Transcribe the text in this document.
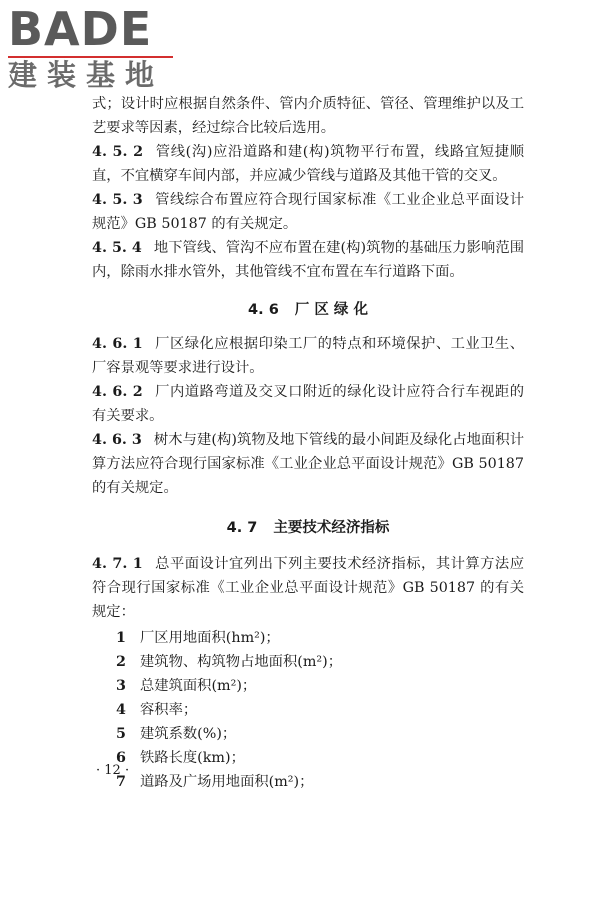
BADE
建装基地

式；设计时应根据自然条件、管内介质特征、管径、管理维护以及工艺要求等因素，经过综合比较后选用。

4. 5. 2 管线(沟)应沿道路和建(构)筑物平行布置，线路宜短捷顺直，不宜横穿车间内部，并应减少管线与道路及其他干管的交叉。

4. 5. 3 管线综合布置应符合现行国家标准《工业企业总平面设计规范》GB 50187 的有关规定。

4. 5. 4 地下管线、管沟不应布置在建(构)筑物的基础压力影响范围内，除雨水排水管外，其他管线不宜布置在车行道路下面。

4. 6 厂 区 绿 化

4. 6. 1 厂区绿化应根据印染工厂的特点和环境保护、工业卫生、厂容景观等要求进行设计。

4. 6. 2 厂内道路弯道及交叉口附近的绿化设计应符合行车视距的有关要求。

4. 6. 3 树木与建(构)筑物及地下管线的最小间距及绿化占地面积计算方法应符合现行国家标准《工业企业总平面设计规范》GB 50187 的有关规定。

4. 7 主要技术经济指标

4. 7. 1 总平面设计宜列出下列主要技术经济指标，其计算方法应符合现行国家标准《工业企业总平面设计规范》GB 50187 的有关规定：

1 厂区用地面积(hm²)；
2 建筑物、构筑物占地面积(m²)；
3 总建筑面积(m²)；
4 容积率；
5 建筑系数(%)；
6 铁路长度(km)；
7 道路及广场用地面积(m²)；
· 12 ·
